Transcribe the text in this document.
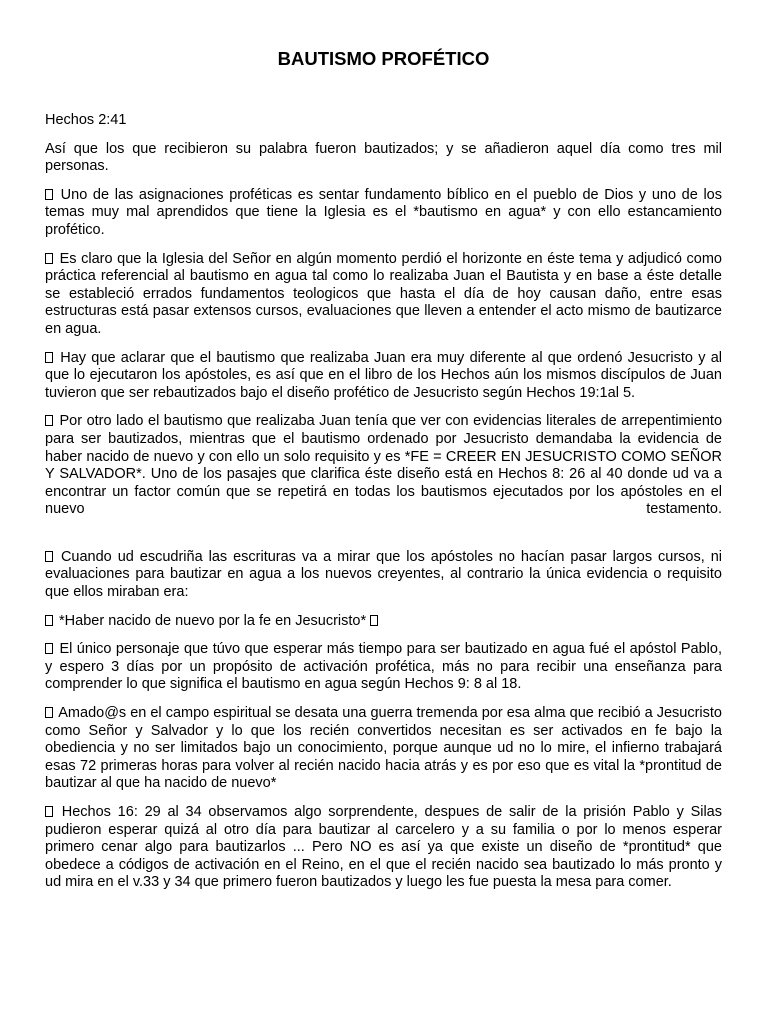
BAUTISMO PROFÉTICO

Hechos 2:41

Así que los que recibieron su palabra fueron bautizados; y se añadieron aquel día como tres mil personas.

Uno de las asignaciones proféticas es sentar fundamento bíblico en el pueblo de Dios y uno de los temas muy mal aprendidos que tiene la Iglesia es el *bautismo en agua* y con ello estancamiento profético.

Es claro que la Iglesia del Señor en algún momento perdió el horizonte en éste tema y adjudicó como práctica referencial al bautismo en agua tal como lo realizaba Juan el Bautista y en base a éste detalle se estableció errados fundamentos teologicos que hasta el día de hoy causan daño, entre esas estructuras está pasar extensos cursos, evaluaciones que lleven a entender el acto mismo de bautizarce en agua.

Hay que aclarar que el bautismo que realizaba Juan era muy diferente al que ordenó Jesucristo y al que lo ejecutaron los apóstoles, es así que en el libro de los Hechos aún los mismos discípulos de Juan tuvieron que ser rebautizados bajo el diseño profético de Jesucristo según Hechos 19:1al 5.

Por otro lado el bautismo que realizaba Juan tenía que ver con evidencias literales de arrepentimiento para ser bautizados, mientras que el bautismo ordenado por Jesucristo demandaba la evidencia de haber nacido de nuevo y con ello un solo requisito y es *FE = CREER EN JESUCRISTO COMO SEÑOR Y SALVADOR*. Uno de los pasajes que clarifica éste diseño está en Hechos 8: 26 al 40 donde ud va a encontrar un factor común que se repetirá en todas los bautismos ejecutados por los apóstoles en el nuevo testamento.

Cuando ud escudriña las escrituras va a mirar que los apóstoles no hacían pasar largos cursos, ni evaluaciones para bautizar en agua a los nuevos creyentes, al contrario la única evidencia o requisito que ellos miraban era:

*Haber nacido de nuevo por la fe en Jesucristo*

El único personaje que túvo que esperar más tiempo para ser bautizado en agua fué el apóstol Pablo, y espero 3 días por un propósito de activación profética, más no para recibir una enseñanza para comprender lo que significa el bautismo en agua según Hechos 9: 8 al 18.

Amado@s en el campo espiritual se desata una guerra tremenda por esa alma que recibió a Jesucristo como Señor y Salvador y lo que los recién convertidos necesitan es ser activados en fe bajo la obediencia y no ser limitados bajo un conocimiento, porque aunque ud no lo mire, el infierno trabajará esas 72 primeras horas para volver al recién nacido hacia atrás y es por eso que es vital la *prontitud de bautizar al que ha nacido de nuevo*

Hechos 16: 29 al 34 observamos algo sorprendente, despues de salir de la prisión Pablo y Silas pudieron esperar quizá al otro día para bautizar al carcelero y a su familia o por lo menos esperar primero cenar algo para bautizarlos ... Pero NO es así ya que existe un diseño de *prontitud* que obedece a códigos de activación en el Reino, en el que el recién nacido sea bautizado lo más pronto y ud mira en el v.33 y 34 que primero fueron bautizados y luego les fue puesta la mesa para comer.
